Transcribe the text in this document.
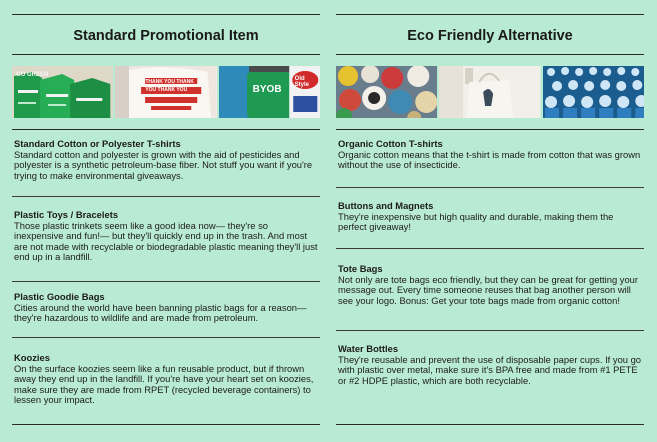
Standard Promotional Item
GO GREEN
THANK YOU THANK YOU THANK YOU	BYOB
Old Style
Standard Cotton or Polyester T-shirts
Standard cotton and polyester is grown with the aid of pesticides and polyester is a synthetic petroleum-base fiber. Not stuff you want if you're trying to make environmental giveaways.
Plastic Toys / Bracelets
Those plastic trinkets seem like a good idea now— they're so inexpensive and fun!— but they'll quickly end up in the trash. And most are not made with recyclable or biodegradable plastic meaning they'll just end up in a landfill.
Plastic Goodie Bags
Cities around the world have been banning plastic bags for a reason— they're hazardous to wildlife and are made from petroleum.
Koozies
On the surface koozies seem like a fun reusable product, but if thrown away they end up in the landfill. If you're have your heart set on koozies, make sure they are made from RPET (recycled beverage containers) to lessen your impact.
Eco Friendly Alternative
Organic Cotton T-shirts
Organic cotton means that the t-shirt is made from cotton that was grown without the use of insecticide.
Buttons and Magnets
They're inexpensive but high quality and durable, making them the perfect giveaway!
Tote Bags
Not only are tote bags eco friendly, but they can be great for getting your message out. Every time someone reuses that bag another person will see your logo. Bonus: Get your tote bags made from organic cotton!
Water Bottles
They're reusable and prevent the use of disposable paper cups. If you go with plastic over metal, make sure it's BPA free and made from #1 PETE or #2 HDPE plastic, which are both recyclable.
